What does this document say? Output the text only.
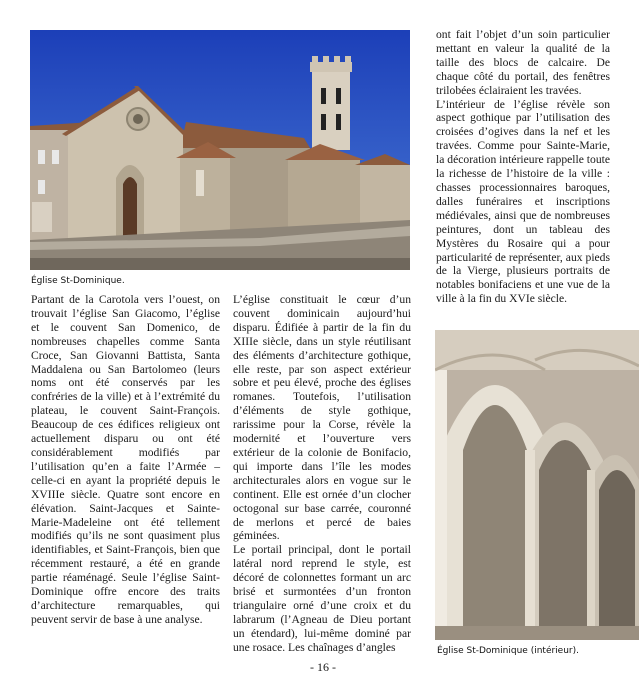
Église St-Dominique.
Église St-Dominique (intérieur).

Partant de la Carotola vers l’ouest, on trouvait l’église San Giacomo, l’église et le couvent San Domenico, de nombreuses chapelles comme Santa Croce, San Giovanni Battista, Santa Maddalena ou San Bartolomeo (leurs noms ont été conservés par les confréries de la ville) et à l’extrémité du plateau, le couvent Saint-François. Beaucoup de ces édifices religieux ont actuellement disparu ou ont été considérablement modifiés par l’utilisation qu’en a faite l’Armée – celle-ci en ayant la propriété depuis le XVIIIe siècle. Quatre sont encore en élévation. Saint-Jacques et Sainte-Marie-Madeleine ont été tellement modifiés qu’ils ne sont quasiment plus identifiables, et Saint-François, bien que récemment restauré, a été en grande partie réaménagé. Seule l’église Saint-Dominique offre encore des traits d’architecture remarquables, qui peuvent servir de base à une analyse.

L’église constituait le cœur d’un couvent dominicain aujourd’hui disparu. Édifiée à partir de la fin du XIIIe siècle, dans un style réutilisant des éléments d’architecture gothique, elle reste, par son aspect extérieur sobre et peu élevé, proche des églises romanes. Toutefois, l’utilisation d’éléments de style gothique, rarissime pour la Corse, révèle la modernité et l’ouverture vers extérieur de la colonie de Bonifacio, qui importe dans l’île les modes architecturales alors en vogue sur le continent. Elle est ornée d’un clocher octogonal sur base carrée, couronné de merlons et percé de baies géminées.

Le portail principal, dont le portail latéral nord reprend le style, est décoré de colonnettes formant un arc brisé et surmontées d’un fronton triangulaire orné d’une croix et du labrarum (l’Agneau de Dieu portant un étendard), lui-même dominé par une rosace. Les chaînages d’angles

ont fait l’objet d’un soin particulier mettant en valeur la qualité de la taille des blocs de calcaire. De chaque côté du portail, des fenêtres trilobées éclairaient les travées.

L’intérieur de l’église révèle son aspect gothique par l’utilisation des croisées d’ogives dans la nef et les travées. Comme pour Sainte-Marie, la décoration intérieure rappelle toute la richesse de l’histoire de la ville : chasses processionnaires baroques, dalles funéraires et inscriptions médiévales, ainsi que de nombreuses peintures, dont un tableau des Mystères du Rosaire qui a pour particularité de représenter, aux pieds de la Vierge, plusieurs portraits de notables bonifaciens et une vue de la ville à la fin du XVIe siècle.

- 16 -
